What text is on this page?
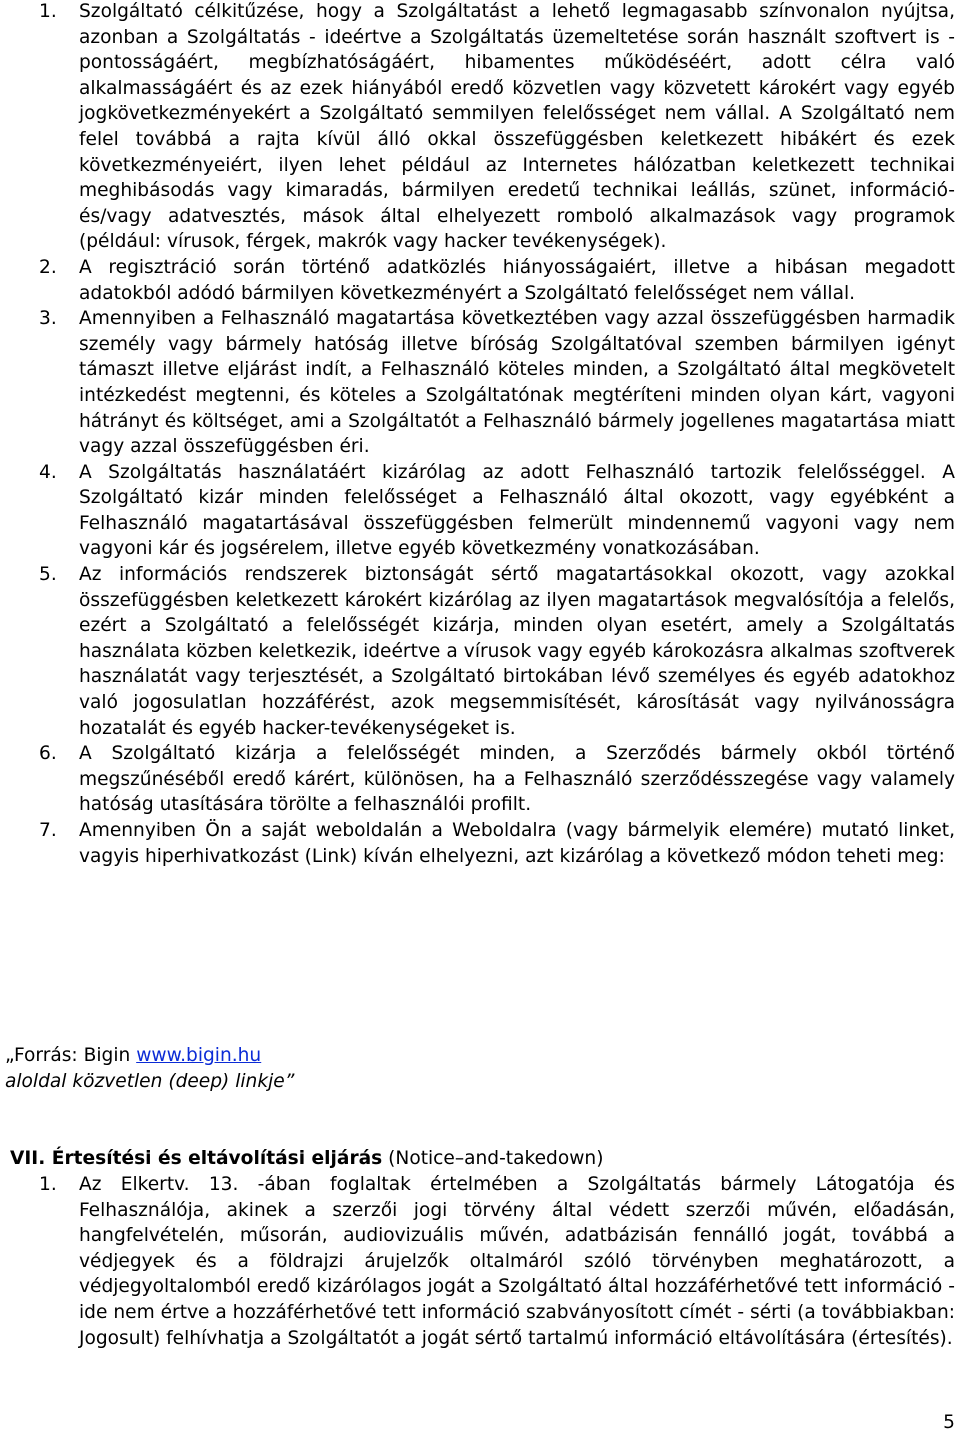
1.	Szolgáltató célkitűzése, hogy a Szolgáltatást a lehető legmagasabb színvonalon nyújtsa, azonban a Szolgáltatás - ideértve a Szolgáltatás üzemeltetése során használt szoftvert is - pontosságáért, megbízhatóságáért, hibamentes működéséért, adott célra való alkalmasságáért és az ezek hiányából eredő közvetlen vagy közvetett károkért vagy egyéb jogkövetkezményekért a Szolgáltató semmilyen felelősséget nem vállal. A Szolgáltató nem felel továbbá a rajta kívül álló okkal összefüggésben keletkezett hibákért és ezek következményeiért, ilyen lehet például az Internetes hálózatban keletkezett technikai meghibásodás vagy kimaradás, bármilyen eredetű technikai leállás, szünet, információ- és/vagy adatvesztés, mások által elhelyezett romboló alkalmazások vagy programok (például: vírusok, férgek, makrók vagy hacker tevékenységek).
2.	A regisztráció során történő adatközlés hiányosságaiért, illetve a hibásan megadott adatokból adódó bármilyen következményért a Szolgáltató felelősséget nem vállal.
3.	Amennyiben a Felhasználó magatartása következtében vagy azzal összefüggésben harmadik személy vagy bármely hatóság illetve bíróság Szolgáltatóval szemben bármilyen igényt támaszt illetve eljárást indít, a Felhasználó köteles minden, a Szolgáltató által megkövetelt intézkedést megtenni, és köteles a Szolgáltatónak megtéríteni minden olyan kárt, vagyoni hátrányt és költséget, ami a Szolgáltatót a Felhasználó bármely jogellenes magatartása miatt vagy azzal összefüggésben éri.
4.	A Szolgáltatás használatáért kizárólag az adott Felhasználó tartozik felelősséggel. A Szolgáltató kizár minden felelősséget a Felhasználó által okozott, vagy egyébként a Felhasználó magatartásával összefüggésben felmerült mindennemű vagyoni vagy nem vagyoni kár és jogsérelem, illetve egyéb következmény vonatkozásában.
5.	Az információs rendszerek biztonságát sértő magatartásokkal okozott, vagy azokkal összefüggésben keletkezett károkért kizárólag az ilyen magatartások megvalósítója a felelős, ezért a Szolgáltató a felelősségét kizárja, minden olyan esetért, amely a Szolgáltatás használata közben keletkezik, ideértve a vírusok vagy egyéb károkozásra alkalmas szoftverek használatát vagy terjesztését, a Szolgáltató birtokában lévő személyes és egyéb adatokhoz való jogosulatlan hozzáférést, azok megsemmisítését, károsítását vagy nyilvánosságra hozatalát és egyéb hacker-tevékenységeket is.
6.	A Szolgáltató kizárja a felelősségét minden, a Szerződés bármely okból történő megszűnéséből eredő kárért, különösen, ha a Felhasználó szerződésszegése vagy valamely hatóság utasítására törölte a felhasználói profilt.
7.	Amennyiben Ön a saját weboldalán a Weboldalra (vagy bármelyik elemére) mutató linket, vagyis hiperhivatkozást (Link) kíván elhelyezni, azt kizárólag a következő módon teheti meg:
„Forrás: Bigin www.bigin.hu
aloldal közvetlen (deep) linkje”
VII. Értesítési és eltávolítási eljárás (Notice–and-takedown)
1.	Az Elkertv. 13. -ában foglaltak értelmében a Szolgáltatás bármely Látogatója és Felhasználója, akinek a szerzői jogi törvény által védett szerzői művén, előadásán, hangfelvételén, műsorán, audiovizuális művén, adatbázisán fennálló jogát, továbbá a védjegyek és a földrajzi árujelzők oltalmáról szóló törvényben meghatározott, a védjegyoltalomból eredő kizárólagos jogát a Szolgáltató által hozzáférhetővé tett információ - ide nem értve a hozzáférhetővé tett információ szabványosított címét - sérti (a továbbiakban: Jogosult) felhívhatja a Szolgáltatót a jogát sértő tartalmú információ eltávolítására (értesítés).
5
